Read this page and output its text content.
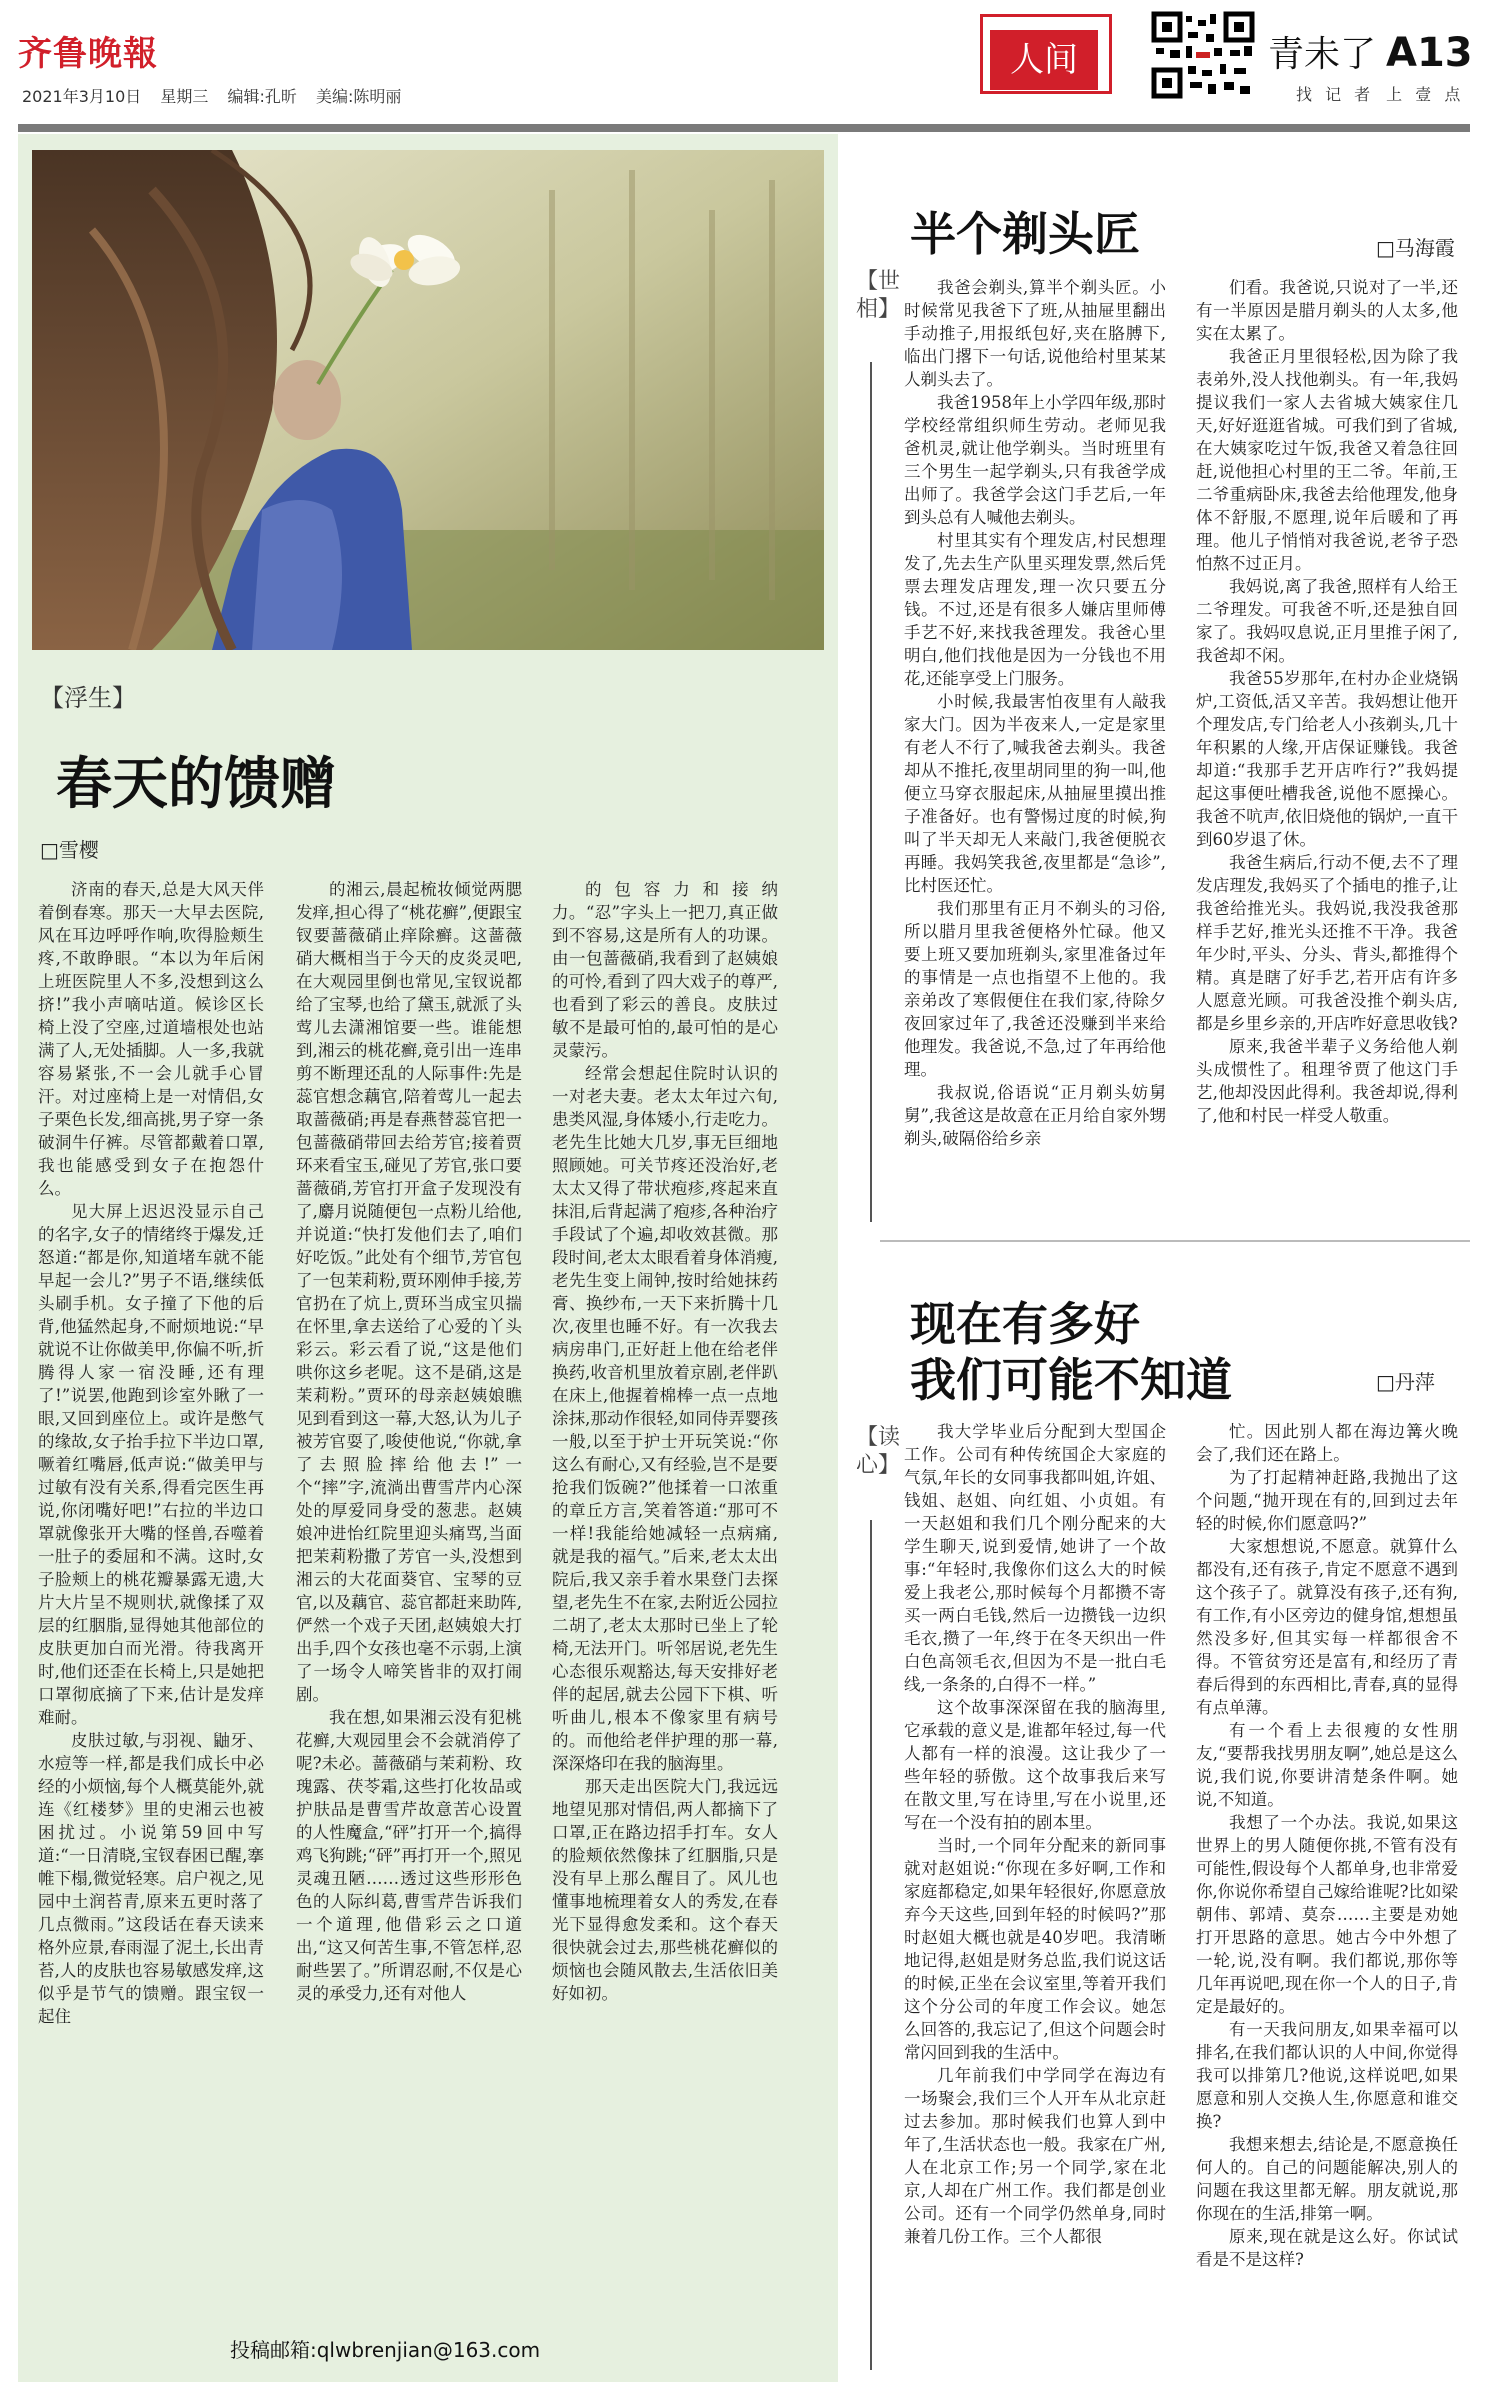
齐鲁晚報
2021年3月10日 星期三 编辑:孔昕 美编:陈明丽
人间	青未了 A13
找 记 者　上 壹 点
【浮生】
春天的馈赠
□雪樱

济南的春天,总是大风天伴着倒春寒。那天一大早去医院,风在耳边呼呼作响,吹得脸颊生疼,不敢睁眼。“本以为年后闲上班医院里人不多,没想到这么挤!”我小声嘀咕道。候诊区长椅上没了空座,过道墙根处也站满了人,无处插脚。人一多,我就容易紧张,不一会儿就手心冒汗。对过座椅上是一对情侣,女子栗色长发,细高挑,男子穿一条破洞牛仔裤。尽管都戴着口罩,我也能感受到女子在抱怨什么。

见大屏上迟迟没显示自己的名字,女子的情绪终于爆发,迁怒道:“都是你,知道堵车就不能早起一会儿?”男子不语,继续低头刷手机。女子撞了下他的后背,他猛然起身,不耐烦地说:“早就说不让你做美甲,你偏不听,折腾得人家一宿没睡,还有理了!”说罢,他跑到诊室外瞅了一眼,又回到座位上。或许是憋气的缘故,女子抬手拉下半边口罩,噘着红嘴唇,低声说:“做美甲与过敏有没有关系,得看完医生再说,你闭嘴好吧!”右拉的半边口罩就像张开大嘴的怪兽,吞噬着一肚子的委屈和不满。这时,女子脸颊上的桃花瓣暴露无遗,大片大片呈不规则状,就像揉了双层的红胭脂,显得她其他部位的皮肤更加白而光滑。待我离开时,他们还歪在长椅上,只是她把口罩彻底摘了下来,估计是发痒难耐。

皮肤过敏,与羽视、鼬牙、水痘等一样,都是我们成长中必经的小烦恼,每个人概莫能外,就连《红楼梦》里的史湘云也被困扰过。小说第59回中写道:“一日清晓,宝钗春困已醒,搴帷下榻,微觉轻寒。启户视之,见园中土润苔青,原来五更时落了几点微雨。”这段话在春天读来格外应景,春雨湿了泥土,长出青苔,人的皮肤也容易敏感发痒,这似乎是节气的馈赠。跟宝钗一起住

的湘云,晨起梳妆倾觉两腮发痒,担心得了“桃花癣”,便跟宝钗要蔷薇硝止痒除癣。这蔷薇硝大概相当于今天的皮炎灵吧,在大观园里倒也常见,宝钗说都给了宝琴,也给了黛玉,就派了头莺儿去潇湘馆要一些。谁能想到,湘云的桃花癣,竟引出一连串剪不断理还乱的人际事件:先是蕊官想念藕官,陪着莺儿一起去取蔷薇硝;再是春燕替蕊官把一包蔷薇硝带回去给芳官;接着贾环来看宝玉,碰见了芳官,张口要蔷薇硝,芳官打开盒子发现没有了,麝月说随便包一点粉儿给他,并说道:“快打发他们去了,咱们好吃饭。”此处有个细节,芳官包了一包茉莉粉,贾环刚伸手接,芳官扔在了炕上,贾环当成宝贝揣在怀里,拿去送给了心爱的丫头彩云。彩云看了说,“这是他们哄你这乡老呢。这不是硝,这是茉莉粉。”贾环的母亲赵姨娘瞧见到看到这一幕,大怒,认为儿子被芳官耍了,唆使他说,“你就,拿了去照脸摔给他去!”一个“摔”字,流淌出曹雪芹内心深处的厚爱同身受的葱悲。赵姨娘冲进怡红院里迎头痛骂,当面把茉莉粉撒了芳官一头,没想到湘云的大花面葵官、宝琴的豆官,以及藕官、蕊官都赶来助阵,俨然一个戏子天团,赵姨娘大打出手,四个女孩也毫不示弱,上演了一场令人啼笑皆非的双打闹剧。

我在想,如果湘云没有犯桃花癣,大观园里会不会就消停了呢?未必。蔷薇硝与茉莉粉、玫瑰露、茯苓霜,这些打化妆品或护肤品是曹雪芹故意苦心设置的人性魔盒,“砰”打开一个,搞得鸡飞狗跳;“砰”再打开一个,照见灵魂丑陋……透过这些形形色色的人际纠葛,曹雪芹告诉我们一个道理,他借彩云之口道出,“这又何苦生事,不管怎样,忍耐些罢了。”所谓忍耐,不仅是心灵的承受力,还有对他人

的包容力和接纳力。“忍”字头上一把刀,真正做到不容易,这是所有人的功课。由一包蔷薇硝,我看到了赵姨娘的可怜,看到了四大戏子的尊严,也看到了彩云的善良。皮肤过敏不是最可怕的,最可怕的是心灵蒙污。

经常会想起住院时认识的一对老夫妻。老太太年过六旬,患类风湿,身体矮小,行走吃力。老先生比她大几岁,事无巨细地照顾她。可关节疼还没治好,老太太又得了带状疱疹,疼起来直抹泪,后背起满了疱疹,各种治疗手段试了个遍,却收效甚微。那段时间,老太太眼看着身体消瘦,老先生变上闹钟,按时给她抹药膏、换纱布,一天下来折腾十几次,夜里也睡不好。有一次我去病房串门,正好赶上他在给老伴换药,收音机里放着京剧,老伴趴在床上,他握着棉棒一点一点地涂抹,那动作很轻,如同侍弄婴孩一般,以至于护士开玩笑说:“你这么有耐心,又有经验,岂不是要抢我们饭碗?”他揉着一口浓重的章丘方言,笑着答道:“那可不一样!我能给她减轻一点病痛,就是我的福气。”后来,老太太出院后,我又亲手着水果登门去探望,老先生不在家,去附近公园拉二胡了,老太太那时已坐上了轮椅,无法开门。听邻居说,老先生心态很乐观豁达,每天安排好老伴的起居,就去公园下下棋、听听曲儿,根本不像家里有病号的。而他给老伴护理的那一幕,深深烙印在我的脑海里。

那天走出医院大门,我远远地望见那对情侣,两人都摘下了口罩,正在路边招手打车。女人的脸颊依然像抹了红胭脂,只是没有早上那么醒目了。风儿也懂事地梳理着女人的秀发,在春光下显得愈发柔和。这个春天很快就会过去,那些桃花癣似的烦恼也会随风散去,生活依旧美好如初。

投稿邮箱:qlwbrenjian@163.com
半个剃头匠	□马海霞
【世相】

我爸会剃头,算半个剃头匠。小时候常见我爸下了班,从抽屉里翻出手动推子,用报纸包好,夹在胳膊下,临出门撂下一句话,说他给村里某某人剃头去了。

我爸1958年上小学四年级,那时学校经常组织师生劳动。老师见我爸机灵,就让他学剃头。当时班里有三个男生一起学剃头,只有我爸学成出师了。我爸学会这门手艺后,一年到头总有人喊他去剃头。

村里其实有个理发店,村民想理发了,先去生产队里买理发票,然后凭票去理发店理发,理一次只要五分钱。不过,还是有很多人嫌店里师傅手艺不好,来找我爸理发。我爸心里明白,他们找他是因为一分钱也不用花,还能享受上门服务。

小时候,我最害怕夜里有人敲我家大门。因为半夜来人,一定是家里有老人不行了,喊我爸去剃头。我爸却从不推托,夜里胡同里的狗一叫,他便立马穿衣服起床,从抽屉里摸出推子准备好。也有警惕过度的时候,狗叫了半天却无人来敲门,我爸便脱衣再睡。我妈笑我爸,夜里都是“急诊”,比村医还忙。

我们那里有正月不剃头的习俗,所以腊月里我爸便格外忙碌。他又要上班又要加班剃头,家里准备过年的事情是一点也指望不上他的。我亲弟改了寒假便住在我们家,待除夕夜回家过年了,我爸还没赚到半来给他理发。我爸说,不急,过了年再给他理。

我叔说,俗语说“正月剃头妨舅舅”,我爸这是故意在正月给自家外甥剃头,破隔俗给乡亲

们看。我爸说,只说对了一半,还有一半原因是腊月剃头的人太多,他实在太累了。

我爸正月里很轻松,因为除了我表弟外,没人找他剃头。有一年,我妈提议我们一家人去省城大姨家住几天,好好逛逛省城。可我们到了省城,在大姨家吃过午饭,我爸又着急往回赶,说他担心村里的王二爷。年前,王二爷重病卧床,我爸去给他理发,他身体不舒服,不愿理,说年后暖和了再理。他儿子悄悄对我爸说,老爷子恐怕熬不过正月。

我妈说,离了我爸,照样有人给王二爷理发。可我爸不听,还是独自回家了。我妈叹息说,正月里推子闲了,我爸却不闲。

我爸55岁那年,在村办企业烧锅炉,工资低,活又辛苦。我妈想让他开个理发店,专门给老人小孩剃头,几十年积累的人缘,开店保证赚钱。我爸却道:“我那手艺开店咋行?”我妈提起这事便吐槽我爸,说他不愿操心。我爸不吭声,依旧烧他的锅炉,一直干到60岁退了休。

我爸生病后,行动不便,去不了理发店理发,我妈买了个插电的推子,让我爸给推光头。我妈说,我没我爸那样手艺好,推光头还推不干净。我爸年少时,平头、分头、背头,都推得个精。真是瞎了好手艺,若开店有许多人愿意光顾。可我爸没推个剃头店,都是乡里乡亲的,开店咋好意思收钱?

原来,我爸半辈子义务给他人剃头成惯性了。租理爷贾了他这门手艺,他却没因此得利。我爸却说,得利了,他和村民一样受人敬重。

现在有多好
我们可能不知道	□丹萍
【读心】

我大学毕业后分配到大型国企工作。公司有种传统国企大家庭的气氛,年长的女同事我都叫姐,许姐、钱姐、赵姐、向红姐、小贞姐。有一天赵姐和我们几个刚分配来的大学生聊天,说到爱情,她讲了一个故事:“年轻时,我像你们这么大的时候爱上我老公,那时候每个月都攒不寄买一两白毛钱,然后一边攒钱一边织毛衣,攒了一年,终于在冬天织出一件白色高领毛衣,但因为不是一批白毛线,一条条的,白得不一样。”

这个故事深深留在我的脑海里,它承载的意义是,谁都年轻过,每一代人都有一样的浪漫。这让我少了一些年轻的骄傲。这个故事我后来写在散文里,写在诗里,写在小说里,还写在一个没有拍的剧本里。

当时,一个同年分配来的新同事就对赵姐说:“你现在多好啊,工作和家庭都稳定,如果年轻很好,你愿意放弃今天这些,回到年轻的时候吗?”那时赵姐大概也就是40岁吧。我清晰地记得,赵姐是财务总监,我们说这话的时候,正坐在会议室里,等着开我们这个分公司的年度工作会议。她怎么回答的,我忘记了,但这个问题会时常闪回到我的生活中。

几年前我们中学同学在海边有一场聚会,我们三个人开车从北京赶过去参加。那时候我们也算人到中年了,生活状态也一般。我家在广州,人在北京工作;另一个同学,家在北京,人却在广州工作。我们都是创业公司。还有一个同学仍然单身,同时兼着几份工作。三个人都很

忙。因此别人都在海边篝火晚会了,我们还在路上。

为了打起精神赶路,我抛出了这个问题,“抛开现在有的,回到过去年轻的时候,你们愿意吗?”

大家想想说,不愿意。就算什么都没有,还有孩子,肯定不愿意不遇到这个孩子了。就算没有孩子,还有狗,有工作,有小区旁边的健身馆,想想虽然没多好,但其实每一样都很舍不得。不管贫穷还是富有,和经历了青春后得到的东西相比,青春,真的显得有点单薄。

有一个看上去很瘦的女性朋友,“要帮我找男朋友啊”,她总是这么说,我们说,你要讲清楚条件啊。她说,不知道。

我想了一个办法。我说,如果这世界上的男人随便你挑,不管有没有可能性,假设每个人都单身,也非常爱你,你说你希望自己嫁给谁呢?比如梁朝伟、郭靖、莫奈……主要是劝她打开思路的意思。她古今中外想了一轮,说,没有啊。我们都说,那你等几年再说吧,现在你一个人的日子,肯定是最好的。

有一天我问朋友,如果幸福可以排名,在我们都认识的人中间,你觉得我可以排第几?他说,这样说吧,如果愿意和别人交换人生,你愿意和谁交换?

我想来想去,结论是,不愿意换任何人的。自己的问题能解决,别人的问题在我这里都无解。朋友就说,那你现在的生活,排第一啊。

原来,现在就是这么好。你试试看是不是这样?
